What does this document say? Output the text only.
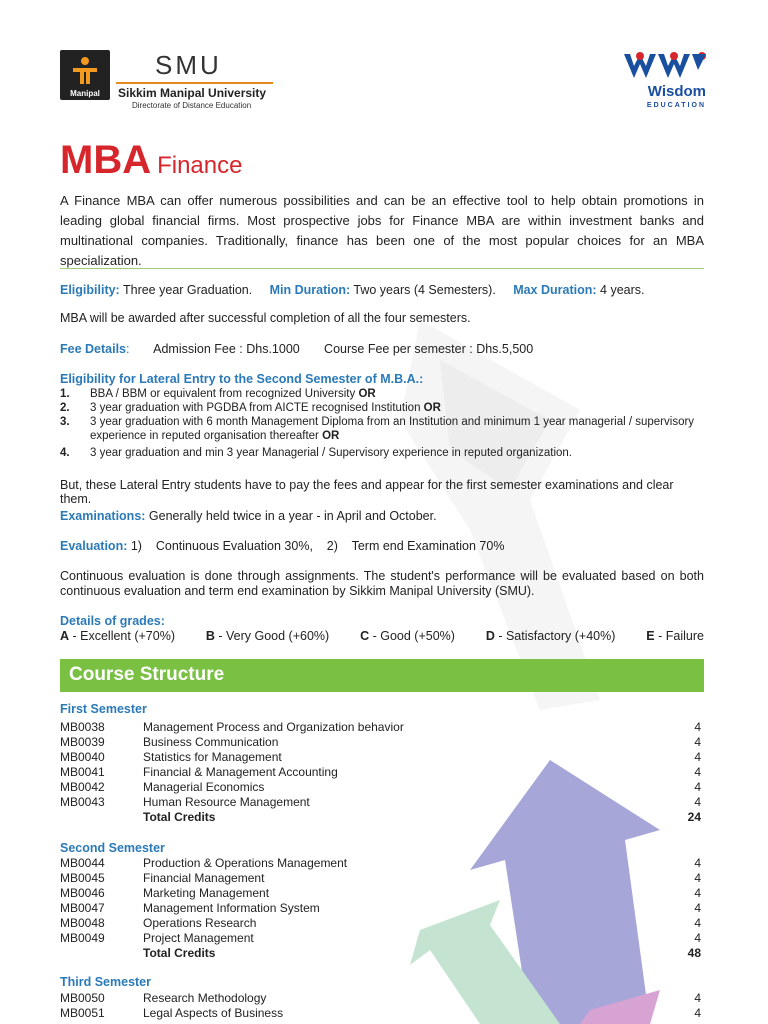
Manipal
SMU
Sikkim Manipal University
Directorate of Distance Education
Wisdom
EDUCATION
MBA Finance
A Finance MBA can offer numerous possibilities and can be an effective tool to help obtain promotions in leading global financial firms. Most prospective jobs for Finance MBA are within investment banks and multinational companies. Traditionally, finance has been one of the most popular choices for an MBA specialization.
Eligibility: Three year Graduation. Min Duration: Two years (4 Semesters). Max Duration: 4 years.
MBA will be awarded after successful completion of all the four semesters.
Fee Details: Admission Fee : Dhs.1000 Course Fee per semester : Dhs.5,500
Eligibility for Lateral Entry to the Second Semester of M.B.A.:
1. BBA / BBM or equivalent from recognized University OR
2. 3 year graduation with PGDBA from AICTE recognised Institution OR
3. 3 year graduation with 6 month Management Diploma from an Institution and minimum 1 year managerial / supervisory experience in reputed organisation thereafter OR
4. 3 year graduation and min 3 year Managerial / Supervisory experience in reputed organization.
But, these Lateral Entry students have to pay the fees and appear for the first semester examinations and clear them.
Examinations: Generally held twice in a year - in April and October.
Evaluation: 1)    Continuous Evaluation 30%,    2)    Term end Examination 70%
Continuous evaluation is done through assignments. The student's performance will be evaluated based on both continuous evaluation and term end examination by Sikkim Manipal University (SMU).
Details of grades:
A - Excellent (+70%) B - Very Good (+60%) C - Good (+50%) D - Satisfactory (+40%) E - Failure
Course Structure
First Semester
MB0038	Management Process and Organization behavior	4
MB0039	Business Communication	4
MB0040	Statistics for Management	4
MB0041	Financial & Management Accounting	4
MB0042	Managerial Economics	4
MB0043	Human Resource Management	4
Total Credits	24
Second Semester
MB0044	Production & Operations Management	4
MB0045	Financial Management	4
MB0046	Marketing Management	4
MB0047	Management Information System	4
MB0048	Operations Research	4
MB0049	Project Management	4
Total Credits	48
Third Semester
MB0050	Research Methodology	4
MB0051	Legal Aspects of Business	4
